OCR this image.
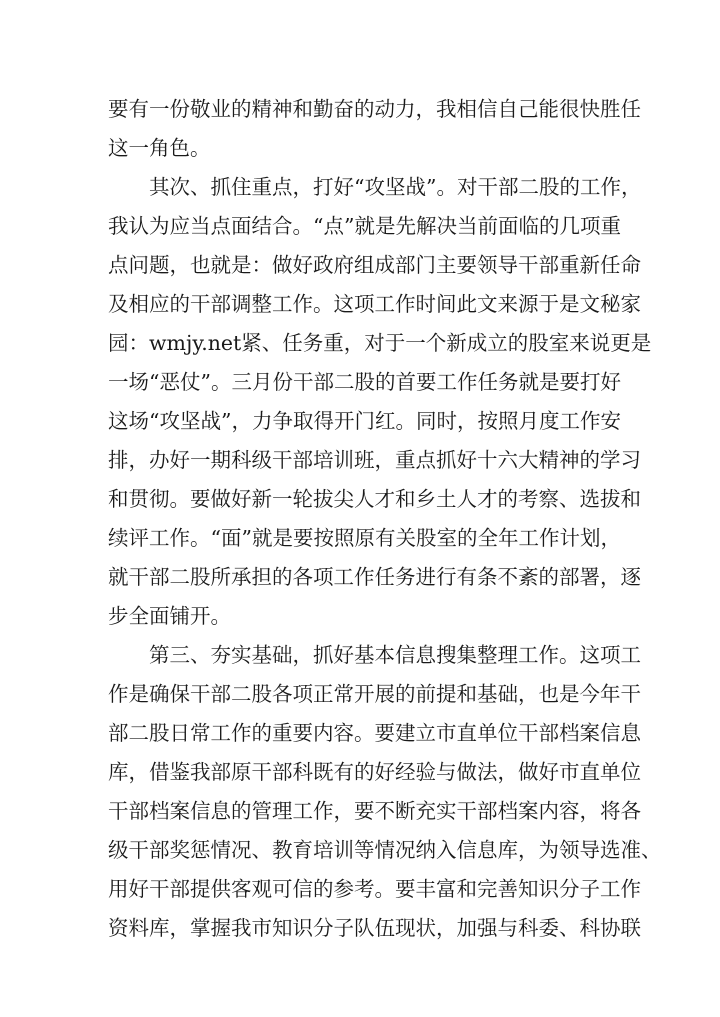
要有一份敬业的精神和勤奋的动力，我相信自己能很快胜任
这一角色。
其次、抓住重点，打好“攻坚战”。对干部二股的工作，
我认为应当点面结合。“点”就是先解决当前面临的几项重
点问题，也就是：做好政府组成部门主要领导干部重新任命
及相应的干部调整工作。这项工作时间此文来源于是文秘家
园：wmjy.net紧、任务重，对于一个新成立的股室来说更是
一场“恶仗”。三月份干部二股的首要工作任务就是要打好
这场“攻坚战”，力争取得开门红。同时，按照月度工作安
排，办好一期科级干部培训班，重点抓好十六大精神的学习
和贯彻。要做好新一轮拔尖人才和乡土人才的考察、选拔和
续评工作。“面”就是要按照原有关股室的全年工作计划，
就干部二股所承担的各项工作任务进行有条不紊的部署，逐
步全面铺开。
第三、夯实基础，抓好基本信息搜集整理工作。这项工
作是确保干部二股各项正常开展的前提和基础，也是今年干
部二股日常工作的重要内容。要建立市直单位干部档案信息
库，借鉴我部原干部科既有的好经验与做法，做好市直单位
干部档案信息的管理工作，要不断充实干部档案内容，将各
级干部奖惩情况、教育培训等情况纳入信息库，为领导选准、
用好干部提供客观可信的参考。要丰富和完善知识分子工作
资料库，掌握我市知识分子队伍现状，加强与科委、科协联
